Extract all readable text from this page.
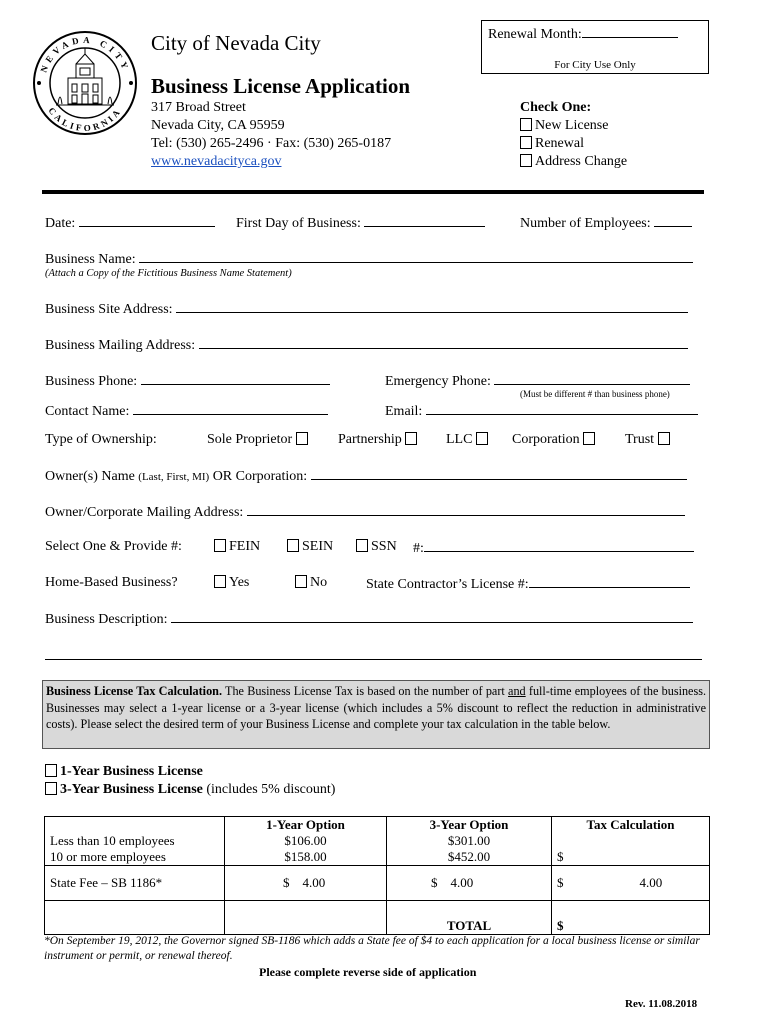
NEVADA CITY
CALIFORNIA
City of Nevada City
Business License Application
317 Broad Street
Nevada City, CA 95959
Tel: (530) 265-2496 · Fax: (530) 265-0187
www.nevadacityca.gov
Renewal Month:
For City Use Only
Check One:
New License
Renewal
Address Change
Date:	First Day of Business:	Number of Employees:
Business Name:
(Attach a Copy of the Fictitious Business Name Statement)
Business Site Address:
Business Mailing Address:
Business Phone:	Emergency Phone:
(Must be different # than business phone)
Contact Name:	Email:
Type of Ownership:	Sole Proprietor	Partnership	LLC	Corporation	Trust
Owner(s) Name (Last, First, MI) OR Corporation:
Owner/Corporate Mailing Address:
Select One & Provide #:	FEIN	SEIN	SSN #:
Home-Based Business?	Yes	No	State Contractor’s License #:
Business Description:
Business License Tax Calculation. The Business License Tax is based on the number of part and full-time employees of the business. Businesses may select a 1-year license or a 3-year license (which includes a 5% discount to reflect the reduction in administrative costs). Please select the desired term of your Business License and complete your tax calculation in the table below.
1-Year Business License
3-Year Business License (includes 5% discount)
	1-Year Option	3-Year Option	Tax Calculation
Less than 10 employees	$106.00	$301.00	
10 or more employees	$158.00	$452.00	$
State Fee – SB 1186*	$ 4.00	$ 4.00	$ 4.00
		TOTAL	$
*On September 19, 2012, the Governor signed SB-1186 which adds a State fee of $4 to each application for a local business license or similar instrument or permit, or renewal thereof.
Please complete reverse side of application
Rev. 11.08.2018
